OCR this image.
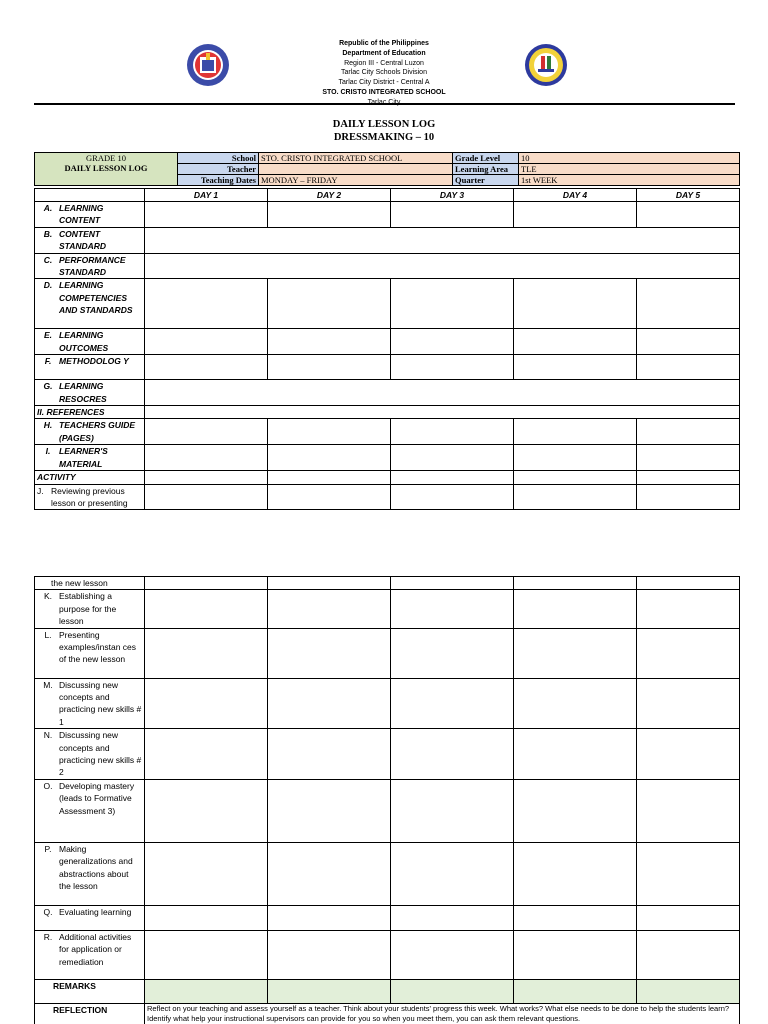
Republic of the Philippines
Department of Education
Region III - Central Luzon
Tarlac City Schools Division
Tarlac City District - Central A
STO. CRISTO INTEGRATED SCHOOL
DAILY LESSON LOG
DRESSMAKING – 10
GRADE 10
DAILY LESSON LOG	School	STO. CRISTO INTEGRATED SCHOOL	Grade Level	10
	Teacher		Learning Area	TLE
	Teaching Dates	MONDAY – FRIDAY	Quarter	1st WEEK
	DAY 1	DAY 2	DAY 3	DAY 4	DAY 5

A. LEARNING CONTENT					

B. CONTENT STANDARD					

C. PERFORMANCE STANDARD					

D. LEARNING COMPETENCIES AND STANDARDS					

E. LEARNING OUTCOMES					

F. METHODOLOG Y					

G. LEARNING RESOCRES					

II. REFERENCES					

H. TEACHERS GUIDE (PAGES)					

I. LEARNER'S MATERIAL					

ACTIVITY					

J. Reviewing previous lesson or presenting					

the new lesson					

K. Establishing a purpose for the lesson					

L. Presenting examples/instan ces of the new lesson					

M. Discussing new concepts and practicing new skills # 1					

N. Discussing new concepts and practicing new skills # 2					

O. Developing mastery (leads to Formative Assessment 3)					

P. Making generalizations and abstractions about the lesson					

Q. Evaluating learning					

R. Additional activities for application or remediation					

REMARKS					
REFLECTION	Reflect on your teaching and assess yourself as a teacher. Think about your students' progress this week. What works? What else needs to be done to help the students learn? Identify what help your instructional supervisors can provide for you so when you meet them, you can ask them relevant questions.				
